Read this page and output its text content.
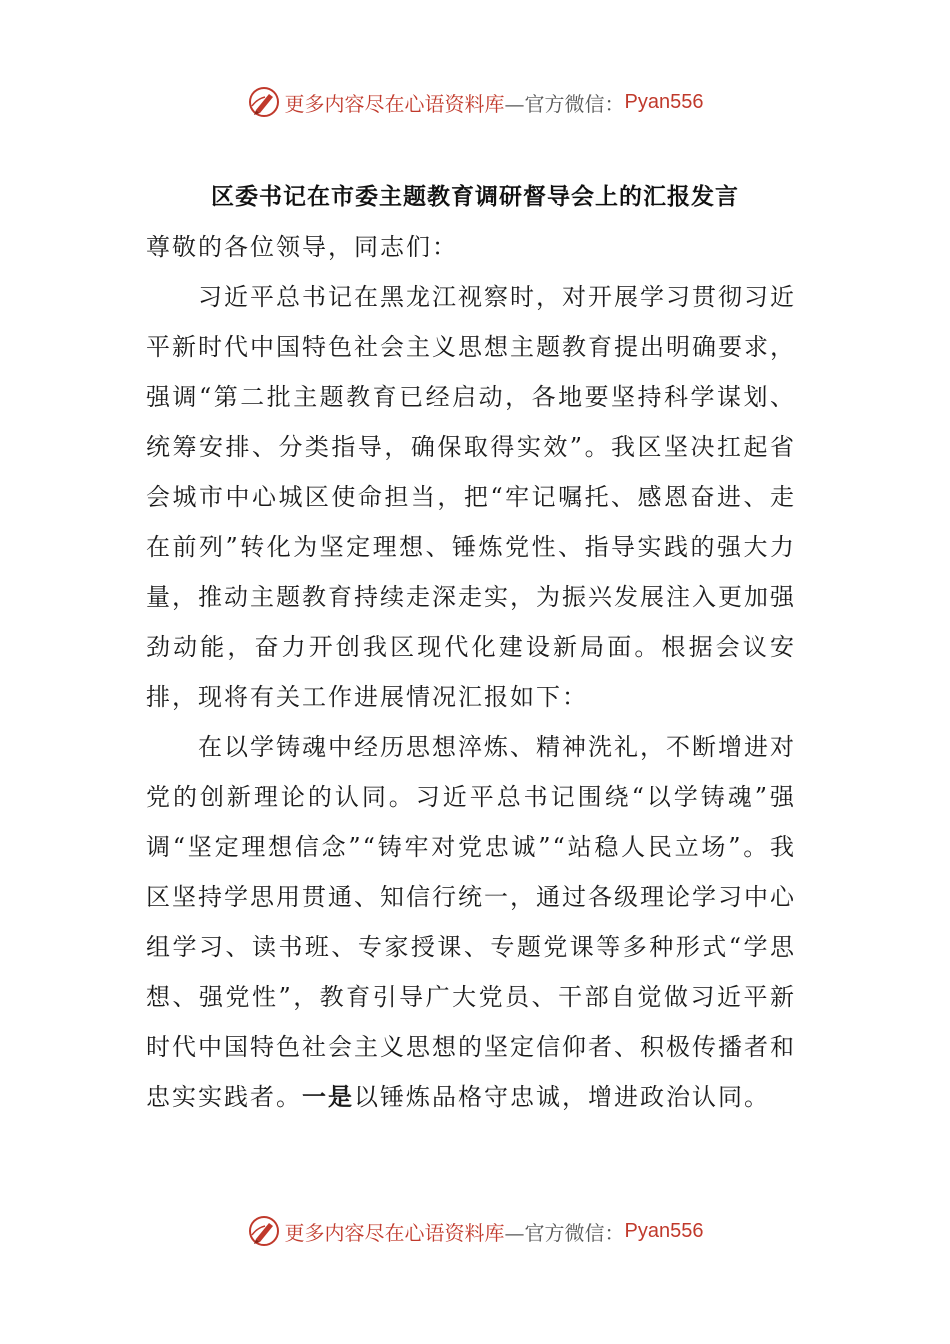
更多内容尽在心语资料库 —官方微信： Pyan556
区委书记在市委主题教育调研督导会上的汇报发言

尊敬的各位领导，同志们：

习近平总书记在黑龙江视察时，对开展学习贯彻习近平新时代中国特色社会主义思想主题教育提出明确要求，强调“第二批主题教育已经启动，各地要坚持科学谋划、统筹安排、分类指导，确保取得实效”。我区坚决扛起省会城市中心城区使命担当，把“牢记嘱托、感恩奋进、走在前列”转化为坚定理想、锤炼党性、指导实践的强大力量，推动主题教育持续走深走实，为振兴发展注入更加强劲动能，奋力开创我区现代化建设新局面。根据会议安排，现将有关工作进展情况汇报如下：

在以学铸魂中经历思想淬炼、精神洗礼，不断增进对党的创新理论的认同。习近平总书记围绕“以学铸魂”强调“坚定理想信念”“铸牢对党忠诚”“站稳人民立场”。我区坚持学思用贯通、知信行统一，通过各级理论学习中心组学习、读书班、专家授课、专题党课等多种形式“学思想、强党性”，教育引导广大党员、干部自觉做习近平新时代中国特色社会主义思想的坚定信仰者、积极传播者和忠实实践者。一是以锤炼品格守忠诚，增进政治认同。

更多内容尽在心语资料库 —官方微信： Pyan556
